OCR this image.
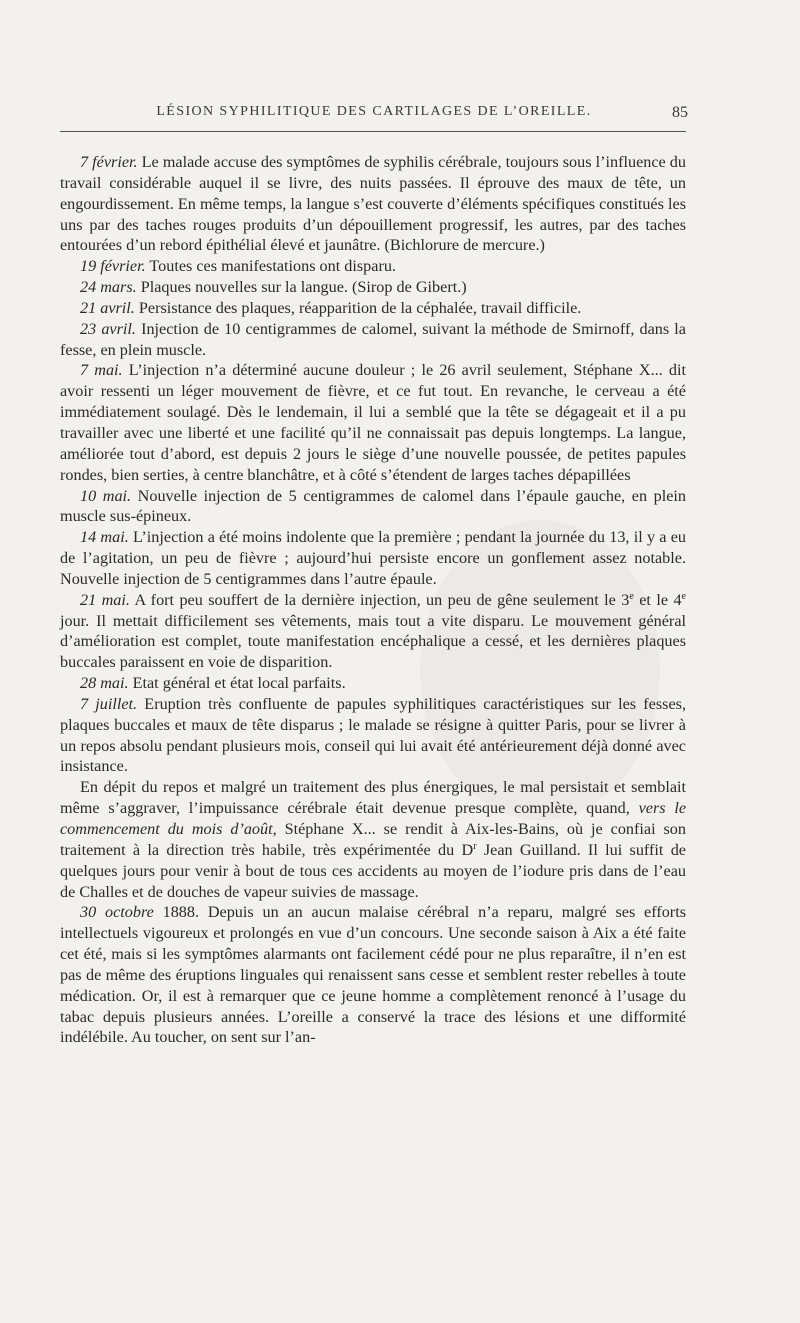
LÉSION SYPHILITIQUE DES CARTILAGES DE L’OREILLE.	85

7 février. Le malade accuse des symptômes de syphilis cérébrale, toujours sous l’influence du travail considérable auquel il se livre, des nuits passées. Il éprouve des maux de tête, un engourdissement. En même temps, la langue s’est couverte d’éléments spécifiques constitués les uns par des taches rouges produits d’un dépouillement progressif, les autres, par des taches entourées d’un rebord épithélial élevé et jaunâtre. (Bichlorure de mercure.)

19 février. Toutes ces manifestations ont disparu.

24 mars. Plaques nouvelles sur la langue. (Sirop de Gibert.)

21 avril. Persistance des plaques, réapparition de la céphalée, travail difficile.

23 avril. Injection de 10 centigrammes de calomel, suivant la méthode de Smirnoff, dans la fesse, en plein muscle.

7 mai. L’injection n’a déterminé aucune douleur ; le 26 avril seulement, Stéphane X... dit avoir ressenti un léger mouvement de fièvre, et ce fut tout. En revanche, le cerveau a été immédiatement soulagé. Dès le lendemain, il lui a semblé que la tête se dégageait et il a pu travailler avec une liberté et une facilité qu’il ne connaissait pas depuis longtemps. La langue, améliorée tout d’abord, est depuis 2 jours le siège d’une nouvelle poussée, de petites papules rondes, bien serties, à centre blanchâtre, et à côté s’étendent de larges taches dépapillées

10 mai. Nouvelle injection de 5 centigrammes de calomel dans l’épaule gauche, en plein muscle sus-épineux.

14 mai. L’injection a été moins indolente que la première ; pendant la journée du 13, il y a eu de l’agitation, un peu de fièvre ; aujourd’hui persiste encore un gonflement assez notable. Nouvelle injection de 5 centigrammes dans l’autre épaule.

21 mai. A fort peu souffert de la dernière injection, un peu de gêne seulement le 3e et le 4e jour. Il mettait difficilement ses vêtements, mais tout a vite disparu. Le mouvement général d’amélioration est complet, toute manifestation encéphalique a cessé, et les dernières plaques buccales paraissent en voie de disparition.

28 mai. Etat général et état local parfaits.

7 juillet. Eruption très confluente de papules syphilitiques caractéristiques sur les fesses, plaques buccales et maux de tête disparus ; le malade se résigne à quitter Paris, pour se livrer à un repos absolu pendant plusieurs mois, conseil qui lui avait été antérieurement déjà donné avec insistance.

En dépit du repos et malgré un traitement des plus énergiques, le mal persistait et semblait même s’aggraver, l’impuissance cérébrale était devenue presque complète, quand, vers le commencement du mois d’août, Stéphane X... se rendit à Aix-les-Bains, où je confiai son traitement à la direction très habile, très expérimentée du $D^r$ Jean Guilland. Il lui suffit de quelques jours pour venir à bout de tous ces accidents au moyen de l’iodure pris dans de l’eau de Challes et de douches de vapeur suivies de massage.

30 octobre 1888. Depuis un an aucun malaise cérébral n’a reparu, malgré ses efforts intellectuels vigoureux et prolongés en vue d’un concours. Une seconde saison à Aix a été faite cet été, mais si les symptômes alarmants ont facilement cédé pour ne plus reparaître, il n’en est pas de même des éruptions linguales qui renaissent sans cesse et semblent rester rebelles à toute médication. Or, il est à remarquer que ce jeune homme a complètement renoncé à l’usage du tabac depuis plusieurs années. L’oreille a conservé la trace des lésions et une difformité indélébile. Au toucher, on sent sur l’an-
